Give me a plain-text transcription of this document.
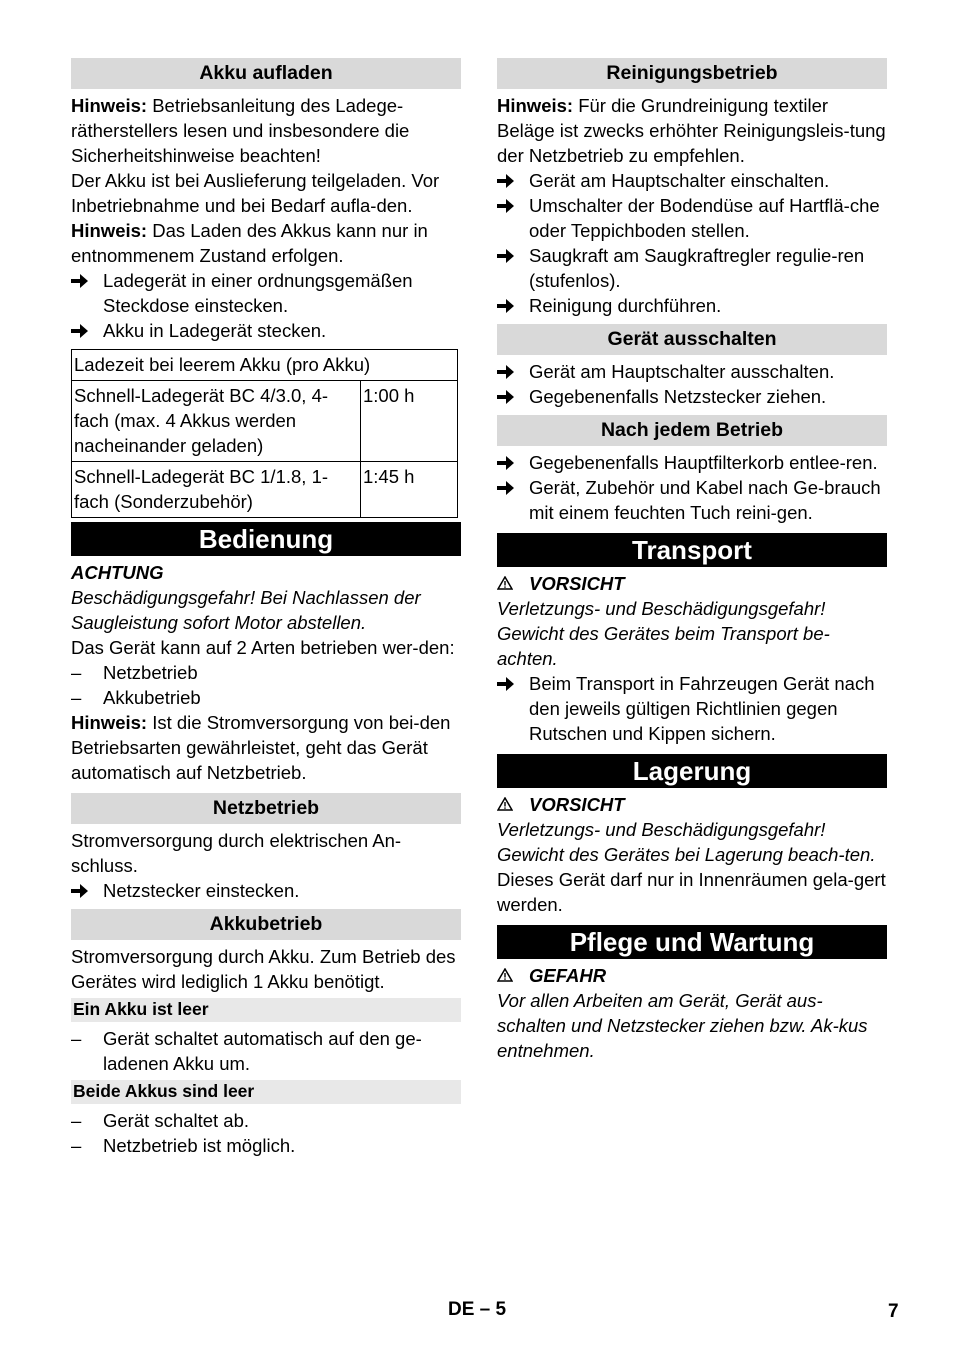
Akku aufladen

Hinweis: Betriebsanleitung des Ladege-rätherstellers lesen und insbesondere die Sicherheitshinweise beachten!

Der Akku ist bei Auslieferung teilgeladen. Vor Inbetriebnahme und bei Bedarf aufla-den.

Hinweis: Das Laden des Akkus kann nur in entnommenem Zustand erfolgen.

Ladegerät in einer ordnungsgemäßen Steckdose einstecken.
Akku in Ladegerät stecken.
Ladezeit bei leerem Akku (pro Akku)	
Schnell-Ladegerät BC 4/3.0, 4-fach (max. 4 Akkus werden nacheinander geladen)	1:00 h
Schnell-Ladegerät BC 1/1.8, 1-fach (Sonderzubehör)	1:45 h
Bedienung

ACHTUNG

Beschädigungsgefahr! Bei Nachlassen der Saugleistung sofort Motor abstellen.

Das Gerät kann auf 2 Arten betrieben wer-den:

–	Netzbetrieb
–	Akkubetrieb

Hinweis: Ist die Stromversorgung von bei-den Betriebsarten gewährleistet, geht das Gerät automatisch auf Netzbetrieb.

Netzbetrieb

Stromversorgung durch elektrischen An-schluss.

Netzstecker einstecken.
Akkubetrieb

Stromversorgung durch Akku. Zum Betrieb des Gerätes wird lediglich 1 Akku benötigt.

Ein Akku ist leer
–	Gerät schaltet automatisch auf den ge-ladenen Akku um.
Beide Akkus sind leer
–	Gerät schaltet ab.
–	Netzbetrieb ist möglich.
Reinigungsbetrieb

Hinweis: Für die Grundreinigung textiler Beläge ist zwecks erhöhter Reinigungsleis-tung der Netzbetrieb zu empfehlen.

Gerät am Hauptschalter einschalten.
Umschalter der Bodendüse auf Hartflä-che oder Teppichboden stellen.
Saugkraft am Saugkraftregler regulie-ren (stufenlos).
Reinigung durchführen.
Gerät ausschalten
Gerät am Hauptschalter ausschalten.
Gegebenenfalls Netzstecker ziehen.
Nach jedem Betrieb
Gegebenenfalls Hauptfilterkorb entlee-ren.
Gerät, Zubehör und Kabel nach Ge-brauch mit einem feuchten Tuch reini-gen.
Transport

VORSICHT

Verletzungs- und Beschädigungsgefahr! Gewicht des Gerätes beim Transport be-achten.

Beim Transport in Fahrzeugen Gerät nach den jeweils gültigen Richtlinien gegen Rutschen und Kippen sichern.
Lagerung

VORSICHT

Verletzungs- und Beschädigungsgefahr! Gewicht des Gerätes bei Lagerung beach-ten.

Dieses Gerät darf nur in Innenräumen gela-gert werden.

Pflege und Wartung

GEFAHR

Vor allen Arbeiten am Gerät, Gerät aus-schalten und Netzstecker ziehen bzw. Ak-kus entnehmen.

DE – 5	7
